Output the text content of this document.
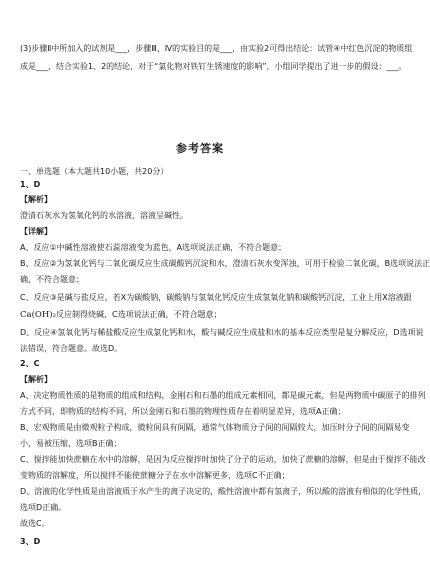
(3)步骤Ⅱ中所加入的试剂是___，步骤Ⅲ、Ⅳ的实验目的是___，由实验2可得出结论：试管④中红色沉淀的物质组
成是___，结合实验1、2的结论，对于“氯化物对铁钉生锈速度的影响”，小组同学提出了进一步的假设：___。
参考答案
一、单选题（本大题共10小题，共20分）
1、D
【解析】
澄清石灰水为氢氧化钙的水溶液，溶液呈碱性。
【详解】
A、反应①中碱性溶液使石蕊溶液变为蓝色，A选项说法正确，不符合题意；
B、反应②为氢氧化钙与二氧化碳反应生成碳酸钙沉淀和水，澄清石灰水变浑浊，可用于检验二氧化碳，B选项说法正
确，不符合题意；
C、反应③是碱与盐反应，若X为碳酸钠，碳酸钠与氢氧化钙反应生成氢氧化钠和碳酸钙沉淀，工业上用X溶液跟
Ca(OH)₂反应制得烧碱，C选项说法正确，不符合题意；
D、反应④氢氧化钙与稀盐酸反应生成氯化钙和水，酸与碱反应生成盐和水的基本反应类型是复分解反应，D选项说
法错误，符合题意。故选D。
2、C
【解析】
A、决定物质性质的是物质的组成和结构，金刚石和石墨的组成元素相同，都是碳元素，但是两物质中碳原子的排列
方式不同，即物质的结构不同，所以金刚石和石墨的物理性质存在着明显差异，选项A正确；
B、宏观物质是由微观粒子构成，微粒间具有间隔，通常气体物质分子间的间隔较大，加压时分子间的间隔易变
小，易被压缩，选项B正确；
C、搅拌能加快蔗糖在水中的溶解，是因为反应搅拌时加快了分子的运动，加快了蔗糖的溶解，但是由于搅拌不能改
变物质的溶解度，所以搅拌不能使蔗糖分子在水中溶解更多，选项C不正确；
D、溶液的化学性质是由溶液质于水产生的离子决定的，酸性溶液中都有氢离子，所以酸的溶液有相似的化学性质，
选项D正确。
故选C。
3、D
